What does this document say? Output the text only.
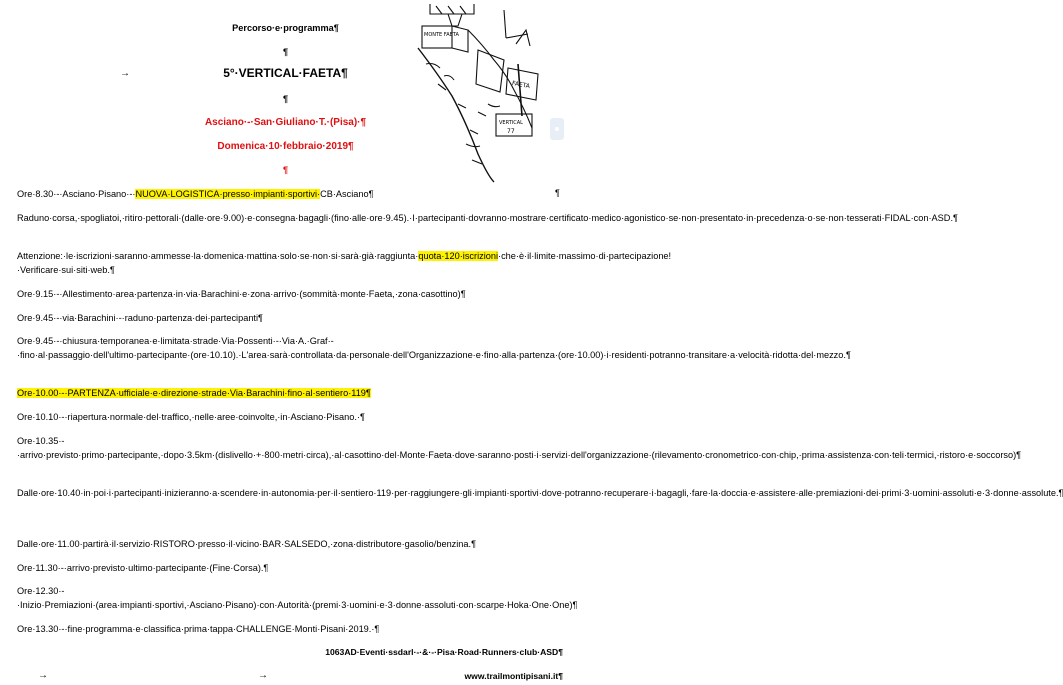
Percorso·e·programma¶
¶
→	5°·VERTICAL·FAETA¶
¶
Asciano·-·San·Giuliano·T.·(Pisa)·¶
Domenica·10·febbraio·2019¶
¶
MONTE FAETA
FAETA
VERTICAL
77
Ore·8.30·-·Asciano·Pisano·-·NUOVA·LOGISTICA·presso·impianti·sportivi·CB·Asciano¶	¶

Raduno·corsa,·spogliatoi,·ritiro·pettorali·(dalle·ore·9.00)·e·consegna·bagagli·(fino·alle·ore·9.45).·I·partecipanti·dovranno·mostrare·certificato·medico·agonistico·se·non·presentato·in·precedenza·o·se·non·tesserati·FIDAL·con·ASD.¶

Attenzione:·le·iscrizioni·saranno·ammesse·la·domenica·mattina·solo·se·non·si·sarà·già·raggiunta·quota·120·iscrizioni·che·è·il·limite·massimo·di·partecipazione!·Verificare·sui·siti·web.¶

Ore·9.15·-·Allestimento·area·partenza·in·via·Barachini·e·zona·arrivo·(sommità·monte·Faeta,·zona·casottino)¶

Ore·9.45·-·via·Barachini·-·raduno·partenza·dei·partecipanti¶

Ore·9.45·-·chiusura·temporanea·e·limitata·strade·Via·Possenti·-·Via·A.·Graf·-·fino·al·passaggio·dell'ultimo·partecipante·(ore·10.10).·L'area·sarà·controllata·da·personale·dell'Organizzazione·e·fino·alla·partenza·(ore·10.00)·i·residenti·potranno·transitare·a·velocità·ridotta·del·mezzo.¶

Ore·10.00·-·PARTENZA·ufficiale·e·direzione·strade·Via·Barachini·fino·al·sentiero·119¶

Ore·10.10·-·riapertura·normale·del·traffico,·nelle·aree·coinvolte,·in·Asciano·Pisano.·¶

Ore·10.35·-·arrivo·previsto·primo·partecipante,·dopo·3.5km·(dislivello·+·800·metri·circa),·al·casottino·del·Monte·Faeta·dove·saranno·posti·i·servizi·dell'organizzazione·(rilevamento·cronometrico·con·chip,·prima·assistenza·con·teli·termici,·ristoro·e·soccorso)¶

Dalle·ore·10.40·in·poi·i·partecipanti·inizieranno·a·scendere·in·autonomia·per·il·sentiero·119·per·raggiungere·gli·impianti·sportivi·dove·potranno·recuperare·i·bagagli,·fare·la·doccia·e·assistere·alle·premiazioni·dei·primi·3·uomini·assoluti·e·3·donne·assolute.¶

Dalle·ore·11.00·partirà·il·servizio·RISTORO·presso·il·vicino·BAR·SALSEDO,·zona·distributore·gasolio/benzina.¶

Ore·11.30·-·arrivo·previsto·ultimo·partecipante·(Fine·Corsa).¶

Ore·12.30·-·Inizio·Premiazioni·(area·impianti·sportivi,·Asciano·Pisano)·con·Autorità·(premi·3·uomini·e·3·donne·assoluti·con·scarpe·Hoka·One·One)¶

Ore·13.30·-·fine·programma·e·classifica·prima·tappa·CHALLENGE·Monti·Pisani·2019.·¶

1063AD·Eventi·ssdarl·-·&·-·Pisa·Road·Runners·club·ASD¶
→	→	www.trailmontipisani.it¶
